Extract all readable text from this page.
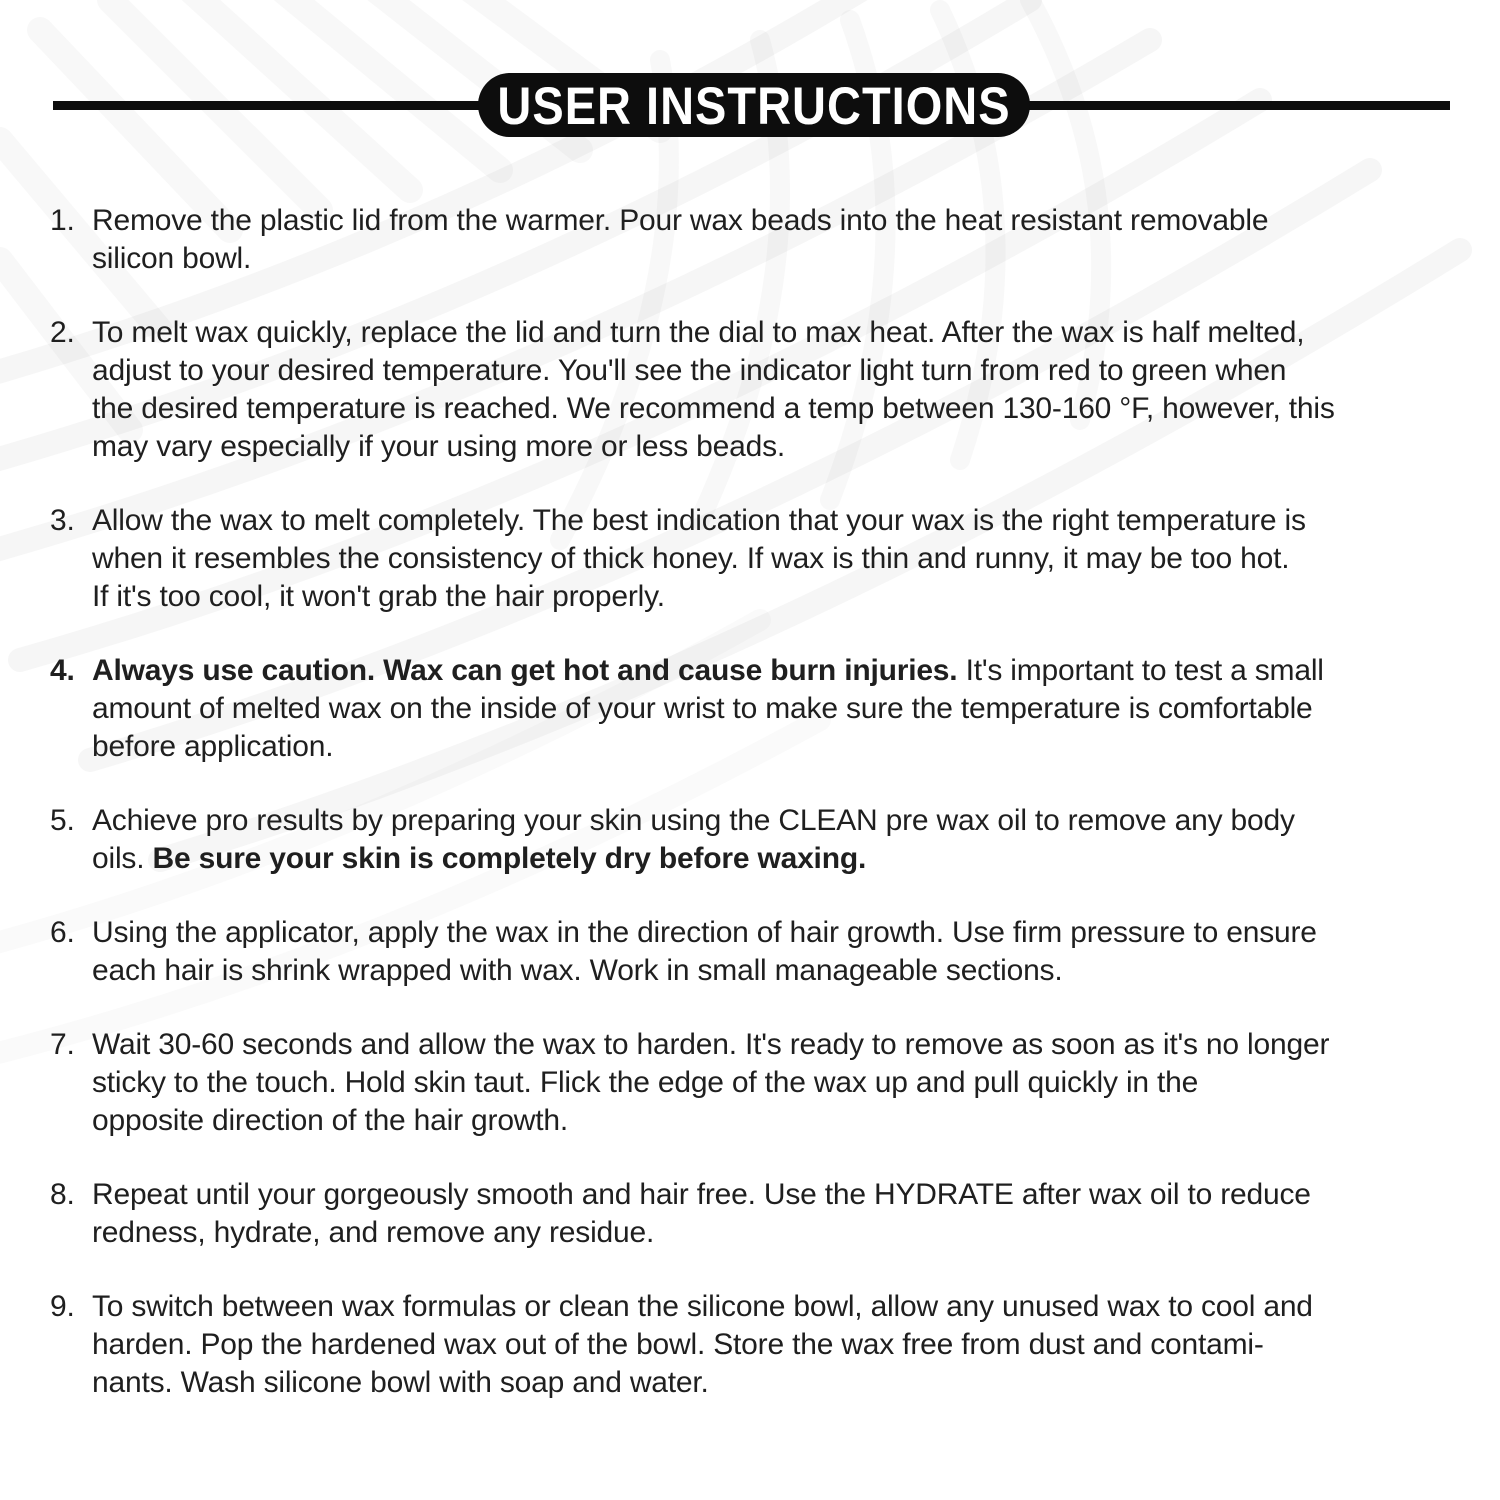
USER INSTRUCTIONS
1. Remove the plastic lid from the warmer. Pour wax beads into the heat resistant removable
silicon bowl.
2. To melt wax quickly, replace the lid and turn the dial to max heat. After the wax is half melted,
adjust to your desired temperature. You'll see the indicator light turn from red to green when
the desired temperature is reached. We recommend a temp between 130-160 °F, however, this
may vary especially if your using more or less beads.
3. Allow the wax to melt completely. The best indication that your wax is the right temperature is
when it resembles the consistency of thick honey. If wax is thin and runny, it may be too hot.
If it's too cool, it won't grab the hair properly.
4. Always use caution. Wax can get hot and cause burn injuries. It's important to test a small
amount of melted wax on the inside of your wrist to make sure the temperature is comfortable
before application.
5. Achieve pro results by preparing your skin using the CLEAN pre wax oil to remove any body
oils. Be sure your skin is completely dry before waxing.
6. Using the applicator, apply the wax in the direction of hair growth. Use firm pressure to ensure
each hair is shrink wrapped with wax. Work in small manageable sections.
7. Wait 30-60 seconds and allow the wax to harden. It's ready to remove as soon as it's no longer
sticky to the touch. Hold skin taut. Flick the edge of the wax up and pull quickly in the
opposite direction of the hair growth.
8. Repeat until your gorgeously smooth and hair free. Use the HYDRATE after wax oil to reduce
redness, hydrate, and remove any residue.
9. To switch between wax formulas or clean the silicone bowl, allow any unused wax to cool and
harden. Pop the hardened wax out of the bowl. Store the wax free from dust and contami-
nants. Wash silicone bowl with soap and water.
